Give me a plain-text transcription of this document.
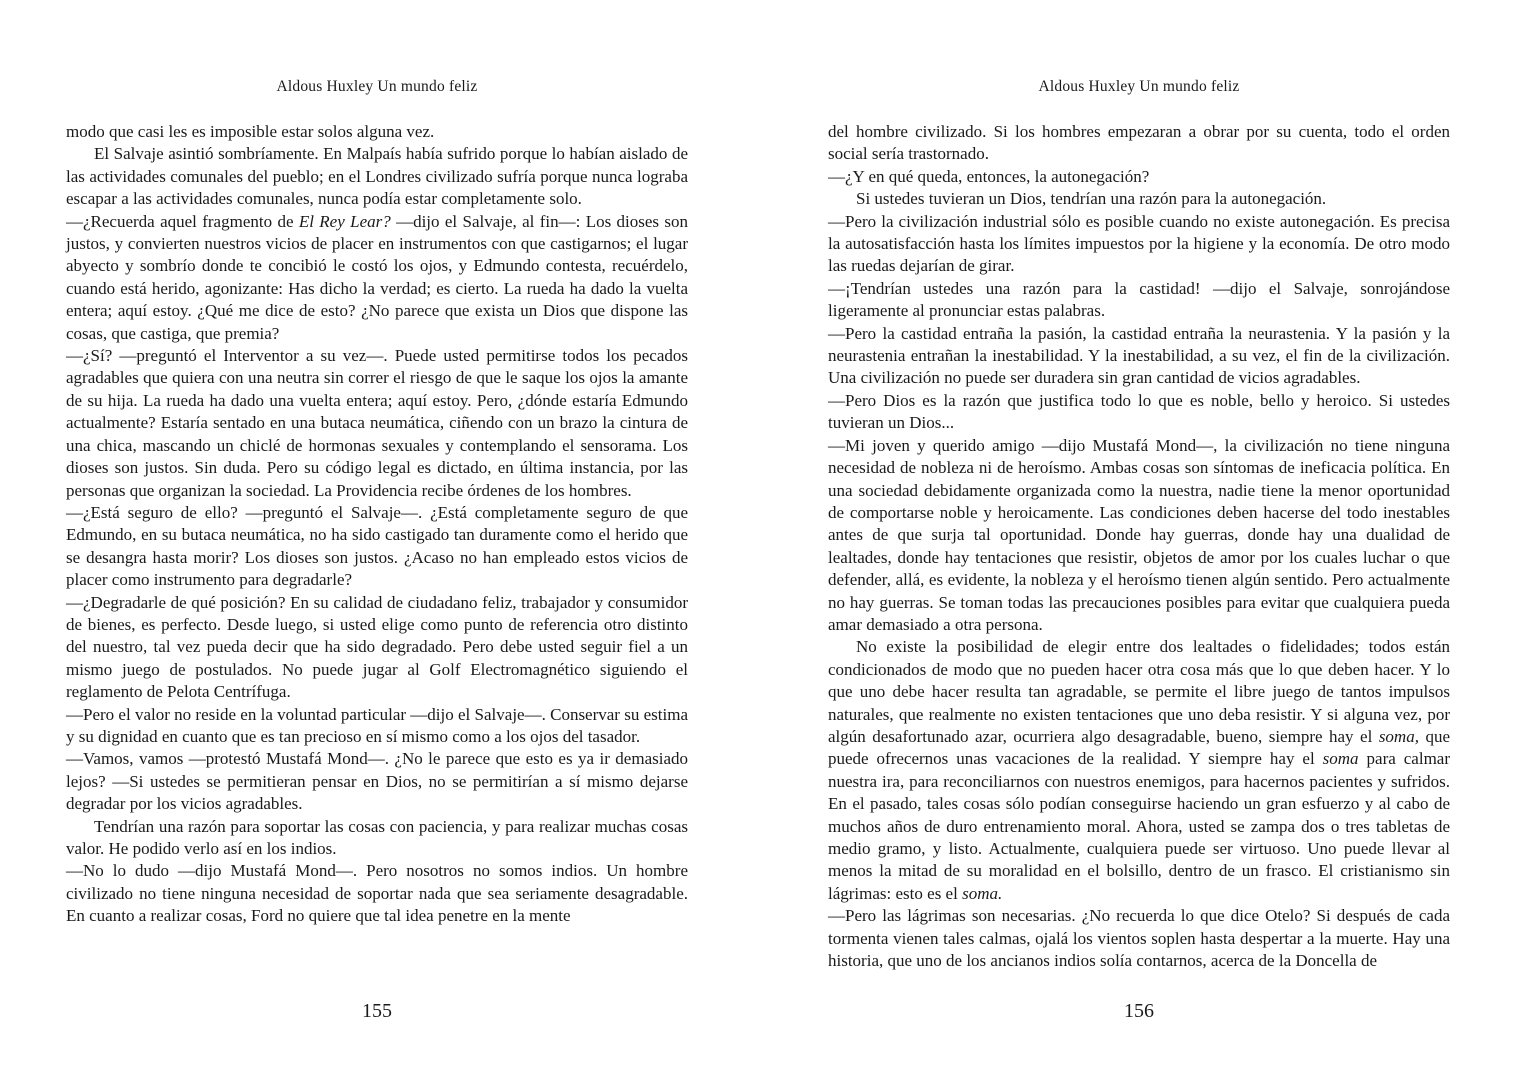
Aldous Huxley Un mundo feliz

modo que casi les es imposible estar solos alguna vez.

El Salvaje asintió sombríamente. En Malpaís había sufrido porque lo habían aislado de las actividades comunales del pueblo; en el Londres civilizado sufría porque nunca lograba escapar a las actividades comunales, nunca podía estar completamente solo.

—¿Recuerda aquel fragmento de El Rey Lear? —dijo el Salvaje, al fin—: Los dioses son justos, y convierten nuestros vicios de placer en instrumentos con que castigarnos; el lugar abyecto y sombrío donde te concibió le costó los ojos, y Edmundo contesta, recuérdelo, cuando está herido, agonizante: Has dicho la verdad; es cierto. La rueda ha dado la vuelta entera; aquí estoy. ¿Qué me dice de esto? ¿No parece que exista un Dios que dispone las cosas, que castiga, que premia?

—¿Sí? —preguntó el Interventor a su vez—. Puede usted permitirse todos los pecados agradables que quiera con una neutra sin correr el riesgo de que le saque los ojos la amante de su hija. La rueda ha dado una vuelta entera; aquí estoy. Pero, ¿dónde estaría Edmundo actualmente? Estaría sentado en una butaca neumática, ciñendo con un brazo la cintura de una chica, mascando un chiclé de hormonas sexuales y contemplando el sensorama. Los dioses son justos. Sin duda. Pero su código legal es dictado, en última instancia, por las personas que organizan la sociedad. La Providencia recibe órdenes de los hombres.

—¿Está seguro de ello? —preguntó el Salvaje—. ¿Está completamente seguro de que Edmundo, en su butaca neumática, no ha sido castigado tan duramente como el herido que se desangra hasta morir? Los dioses son justos. ¿Acaso no han empleado estos vicios de placer como instrumento para degradarle?

—¿Degradarle de qué posición? En su calidad de ciudadano feliz, trabajador y consumidor de bienes, es perfecto. Desde luego, si usted elige como punto de referencia otro distinto del nuestro, tal vez pueda decir que ha sido degradado. Pero debe usted seguir fiel a un mismo juego de postulados. No puede jugar al Golf Electromagnético siguiendo el reglamento de Pelota Centrífuga.

—Pero el valor no reside en la voluntad particular —dijo el Salvaje—. Conservar su estima y su dignidad en cuanto que es tan precioso en sí mismo como a los ojos del tasador.

—Vamos, vamos —protestó Mustafá Mond—. ¿No le parece que esto es ya ir demasiado lejos? —Si ustedes se permitieran pensar en Dios, no se permitirían a sí mismo dejarse degradar por los vicios agradables.

Tendrían una razón para soportar las cosas con paciencia, y para realizar muchas cosas valor. He podido verlo así en los indios.

—No lo dudo —dijo Mustafá Mond—. Pero nosotros no somos indios. Un hombre civilizado no tiene ninguna necesidad de soportar nada que sea seriamente desagradable. En cuanto a realizar cosas, Ford no quiere que tal idea penetre en la mente

155
Aldous Huxley Un mundo feliz

del hombre civilizado. Si los hombres empezaran a obrar por su cuenta, todo el orden social sería trastornado.

—¿Y en qué queda, entonces, la autonegación?

Si ustedes tuvieran un Dios, tendrían una razón para la autonegación.

—Pero la civilización industrial sólo es posible cuando no existe autonegación. Es precisa la autosatisfacción hasta los límites impuestos por la higiene y la economía. De otro modo las ruedas dejarían de girar.

—¡Tendrían ustedes una razón para la castidad! —dijo el Salvaje, sonrojándose ligeramente al pronunciar estas palabras.

—Pero la castidad entraña la pasión, la castidad entraña la neurastenia. Y la pasión y la neurastenia entrañan la inestabilidad. Y la inestabilidad, a su vez, el fin de la civilización. Una civilización no puede ser duradera sin gran cantidad de vicios agradables.

—Pero Dios es la razón que justifica todo lo que es noble, bello y heroico. Si ustedes tuvieran un Dios...

—Mi joven y querido amigo —dijo Mustafá Mond—, la civilización no tiene ninguna necesidad de nobleza ni de heroísmo. Ambas cosas son síntomas de ineficacia política. En una sociedad debidamente organizada como la nuestra, nadie tiene la menor oportunidad de comportarse noble y heroicamente. Las condiciones deben hacerse del todo inestables antes de que surja tal oportunidad. Donde hay guerras, donde hay una dualidad de lealtades, donde hay tentaciones que resistir, objetos de amor por los cuales luchar o que defender, allá, es evidente, la nobleza y el heroísmo tienen algún sentido. Pero actualmente no hay guerras. Se toman todas las precauciones posibles para evitar que cualquiera pueda amar demasiado a otra persona.

No existe la posibilidad de elegir entre dos lealtades o fidelidades; todos están condicionados de modo que no pueden hacer otra cosa más que lo que deben hacer. Y lo que uno debe hacer resulta tan agradable, se permite el libre juego de tantos impulsos naturales, que realmente no existen tentaciones que uno deba resistir. Y si alguna vez, por algún desafortunado azar, ocurriera algo desagradable, bueno, siempre hay el soma, que puede ofrecernos unas vacaciones de la realidad. Y siempre hay el soma para calmar nuestra ira, para reconciliarnos con nuestros enemigos, para hacernos pacientes y sufridos. En el pasado, tales cosas sólo podían conseguirse haciendo un gran esfuerzo y al cabo de muchos años de duro entrenamiento moral. Ahora, usted se zampa dos o tres tabletas de medio gramo, y listo. Actualmente, cualquiera puede ser virtuoso. Uno puede llevar al menos la mitad de su moralidad en el bolsillo, dentro de un frasco. El cristianismo sin lágrimas: esto es el soma.

—Pero las lágrimas son necesarias. ¿No recuerda lo que dice Otelo? Si después de cada tormenta vienen tales calmas, ojalá los vientos soplen hasta despertar a la muerte. Hay una historia, que uno de los ancianos indios solía contarnos, acerca de la Doncella de

156
